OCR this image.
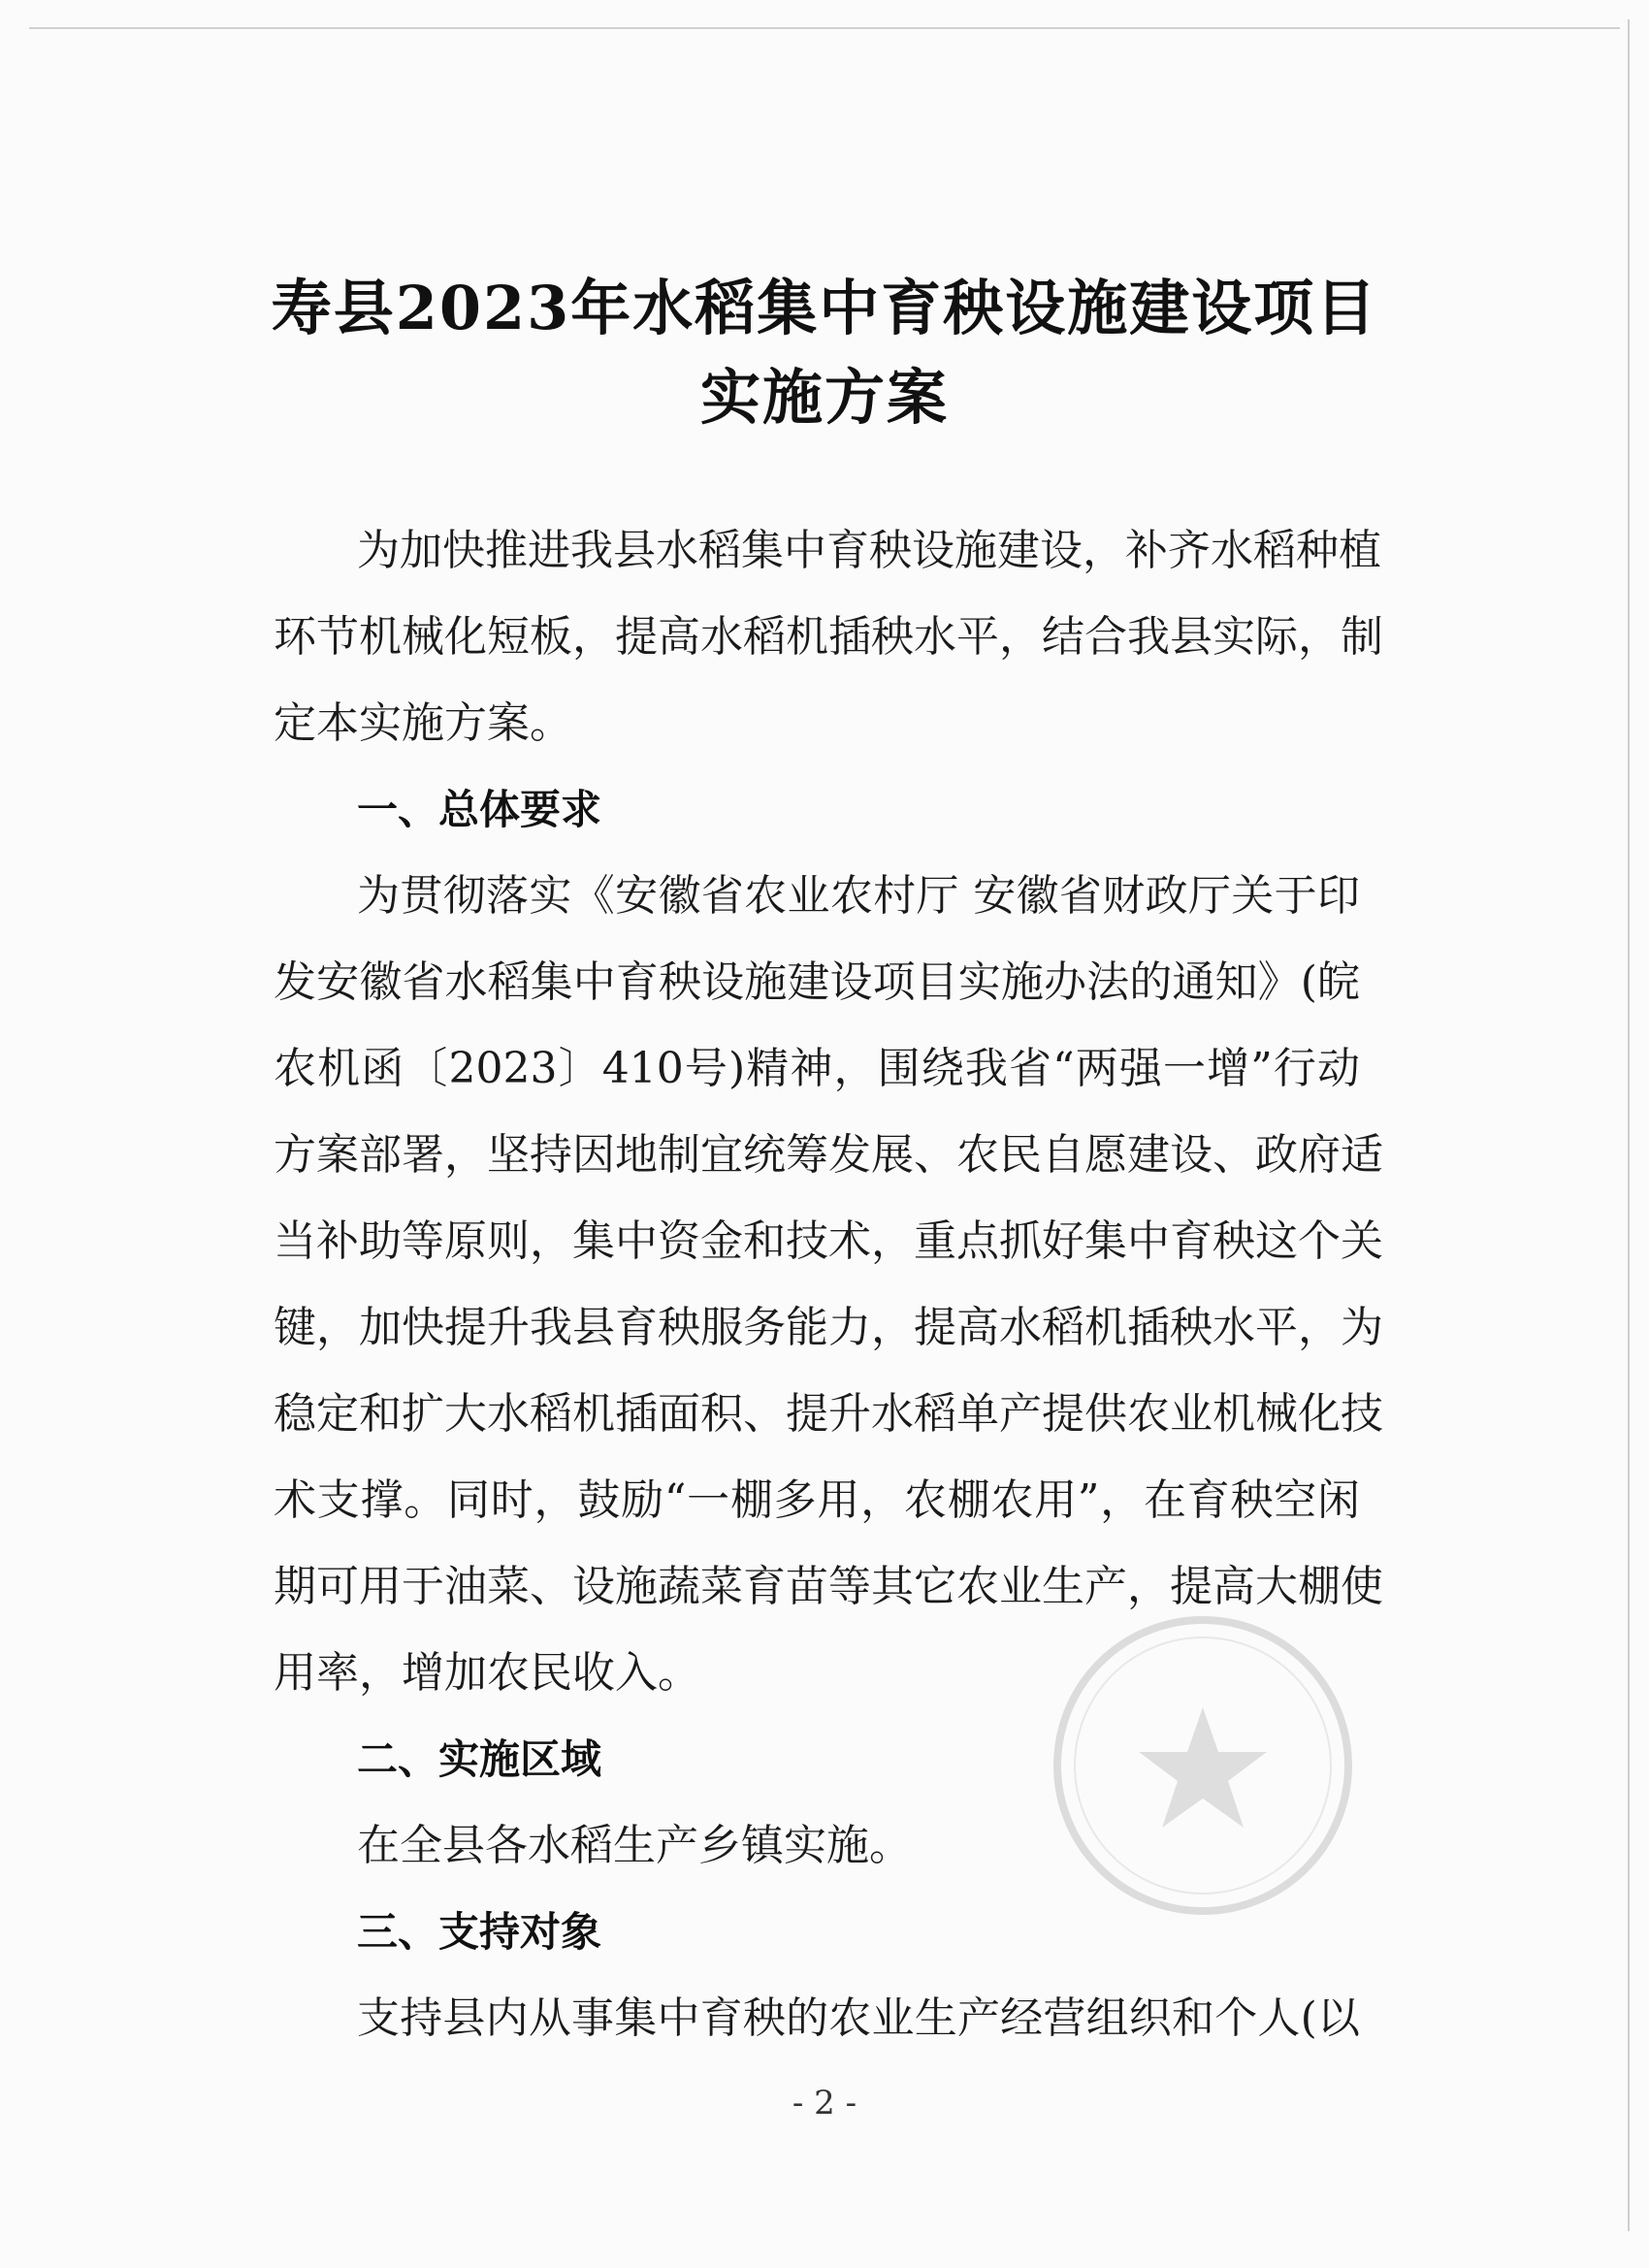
寿县2023年水稻集中育秧设施建设项目
实施方案
为加快推进我县水稻集中育秧设施建设，补齐水稻种植
环节机械化短板，提高水稻机插秧水平，结合我县实际，制
定本实施方案。
一、总体要求
为贯彻落实《安徽省农业农村厅 安徽省财政厅关于印
发安徽省水稻集中育秧设施建设项目实施办法的通知》(皖
农机函〔2023〕410号)精神，围绕我省“两强一增”行动
方案部署，坚持因地制宜统筹发展、农民自愿建设、政府适
当补助等原则，集中资金和技术，重点抓好集中育秧这个关
键，加快提升我县育秧服务能力，提高水稻机插秧水平，为
稳定和扩大水稻机插面积、提升水稻单产提供农业机械化技
术支撑。同时，鼓励“一棚多用，农棚农用”，在育秧空闲
期可用于油菜、设施蔬菜育苗等其它农业生产，提高大棚使
用率，增加农民收入。
二、实施区域
在全县各水稻生产乡镇实施。
三、支持对象
支持县内从事集中育秧的农业生产经营组织和个人(以
- 2 -
